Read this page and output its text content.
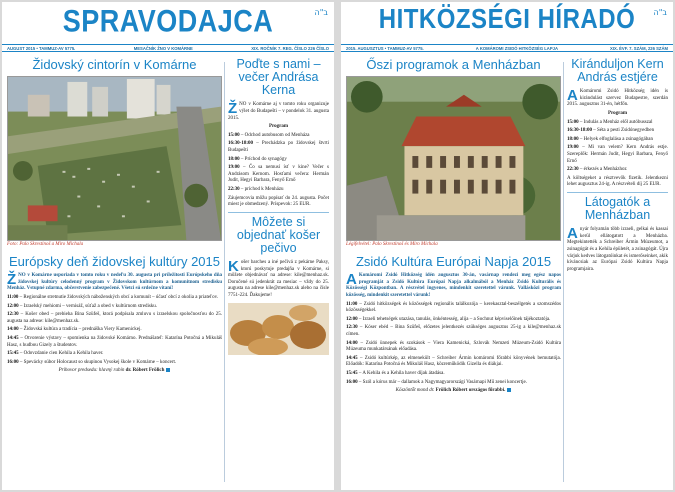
SPRAVODAJCA	ב"ה
AUGUST 2015 • TAMMUZ-AV 5775.	MESAČNÍK ŽNO V KOMÁRNE	XIX. ROČNÍK 7. REG. ČÍSLO 226 ČÍSLO
Židovský cintorín v Komárne
Foto: Palo Skrestinoš a Miro Michala
Európsky deň židovskej kultúry 2015

Ž NO v Komárne usporiada v tomto roku v nedeľu 30. augusta pri príležitosti Európskeho dňa židovskej kultúry celodenný program v Židovskom kultúrnom a komunitnom stredisku Menház. Vstupné zdarma, občerstvenie zabezpečené. Všetci sú srdečne vítaní!

11:00 – Regionálne stretnutie židovských náboženských obcí a komunít – účasť obcí z okolia a priateľov.
12:00 – Izraelský mehiomi – vernisáž, súťaž a obed v kultúrnom stredisku.
12:30 – Košer obed – prebieha Bina Szüfeš, ktorá podpísala zmluvu s izraelskou spoločnosťou do 25. augusta na adrese: kile@menhaz.sk.
14:00 – Židovská kultúra a tradícia – prednáška Viery Kamenickej.
14:45 – Otvorenie výstavy – spomienka na židovské Komárno. Prednášateľ: Katarína Potočná a Mikuláš Hasz, s hudbou Gizely a študentov.
15:45 – Odovzdanie cien Kehila a Kehila haver.
16:00 – Spevácky súbor Holocaust so skupinou Vysokej škole v Komárne – koncert.
Prihovor predsedu: hlavný rabín dr. Róbert Frölich
Poďte s nami – večer Andrása Kerna

Ž NO v Komárne aj v tomto roku organizuje výlet do Budapešti – v pondelok 31. augusta 2015.

Program

15:00 – Odchod autobusom od Menháza
16:30-18:00 – Prechádzka po židovskej štvrti Budapešti
18:00 – Príchod do synagógy
19:00 – Čo sa nemusí ísť v kine? Večer s Andrásom Kernom. Hosťami večera: Hermán Judit, Hegyi Barbara, Fenyő Ernő
22:30 – príchod k Menházu

Záujemcovia môžu popísať do 24. augusta. Počet miest je obmedzený. Príspevok: 25 EUR.

Môžete si objednať košer pečivo

K ošer barches a iné pečivá z pekárne Paksy, ktorú poskytuje predajňa v Komárne, si môžete objednávať na adrese: kile@menhaz.sk. Doručené sú jedenkrát za mesiac – vždy do 25. augusta na adrese kile@menhaz.sk alebo na čísle 7751-224. Ďakujeme!

HITKÖZSÉGI HÍRADÓ	ב"ה
2015. AUGUSZTUS • TAMMUZ-AV 5775.	A KOMÁROMI ZSIDÓ HITKÖZSÉG LAPJA	XIX. ÉVF. 7. SZÁM, 226 SZÁM
Őszi programok a Menházban
Légifelvétel: Palo Skrestinoš és Miro Michala
Zsidó Kultúra Európai Napja 2015

A Komáromi Zsidó Hitközség idén augusztus 30-án, vasárnap rendezi meg egész napos programját a Zsidó Kultúra Európai Napja alkalmából a Menház Zsidó Kulturális és Közösségi Központban. A részvétel ingyenes, mindenkit szeretettel várunk. Vallásközi program közösség, mindenkit szeretettel várunk!

11:00 – Zsidó hitközségek és közösségek regionális találkozója – kerekasztal-beszélgetés a szomszédos közösségekkel.
12:00 – Izraeli tehetségek utazása, tanulás, önkéntesség, alija – a Sochnut képviselőinek tájékoztatója.
12:30 – Kóser ebéd – Bina Szüfeš, előzetes jelentkezés szükséges augusztus 25-ig a kile@menhaz.sk címen.
14:00 – Zsidó ünnepek és szokások – Viera Kamenická, Szlovák Nemzeti Múzeum-Zsidó Kultúra Múzeuma munkatársának előadása.
14:45 – Zsidó kultúrkép, az elmenekült – Schreiber Ármin komáromi főrabbi könyvének bemutatója. Előadók: Katarína Potočná és Mikuláš Hasz, közreműködik Gizella és diákjai.
15:45 – A Kehila és a Kehila haver díjak átadása.
16:00 – Szól a kórus már – dallamok a Nagymagyarországi Vasárnapi Mű zenei koncertje.
Köszöntőt mond dr. Frölich Róbert országos főrabbi.
Kiránduljon Kern András estjére

A Komáromi Zsidó Hitközség idén is kirándulást szervez Budapestre, szerdán 2015. augusztus 31-én, hétfőn.

Program

15:00 – Indulás a Menház elől autóbusszal
16:30-18:00 – Séta a pesti Zsidónegyedben
18:00 – Helyek elfoglalása a zsinagógában
19:00 – Mi van velem? Kern András estje. Szereplők: Hermán Judit, Hegyi Barbara, Fenyő Ernő
22:30 – érkezés a Menházhoz

A költségeket a résztvevők fizetik. Jelentkezni lehet augusztus 24-ig. A részvételi díj 25 EUR.

Látogatók a Menházban

A nyár folyamán több izraeli, gelkai és kassai kerül ellátogatott a Menházba. Megtekintették a Schreiber Ármin Múzeumot, a zsinagógát és a Kehila épületét, a zsinagógát. Újra várjuk kedves látogatóinkat és ismerőseinket, akik kíváncsiak az Európai Zsidó Kultúra Napja programjaira.
